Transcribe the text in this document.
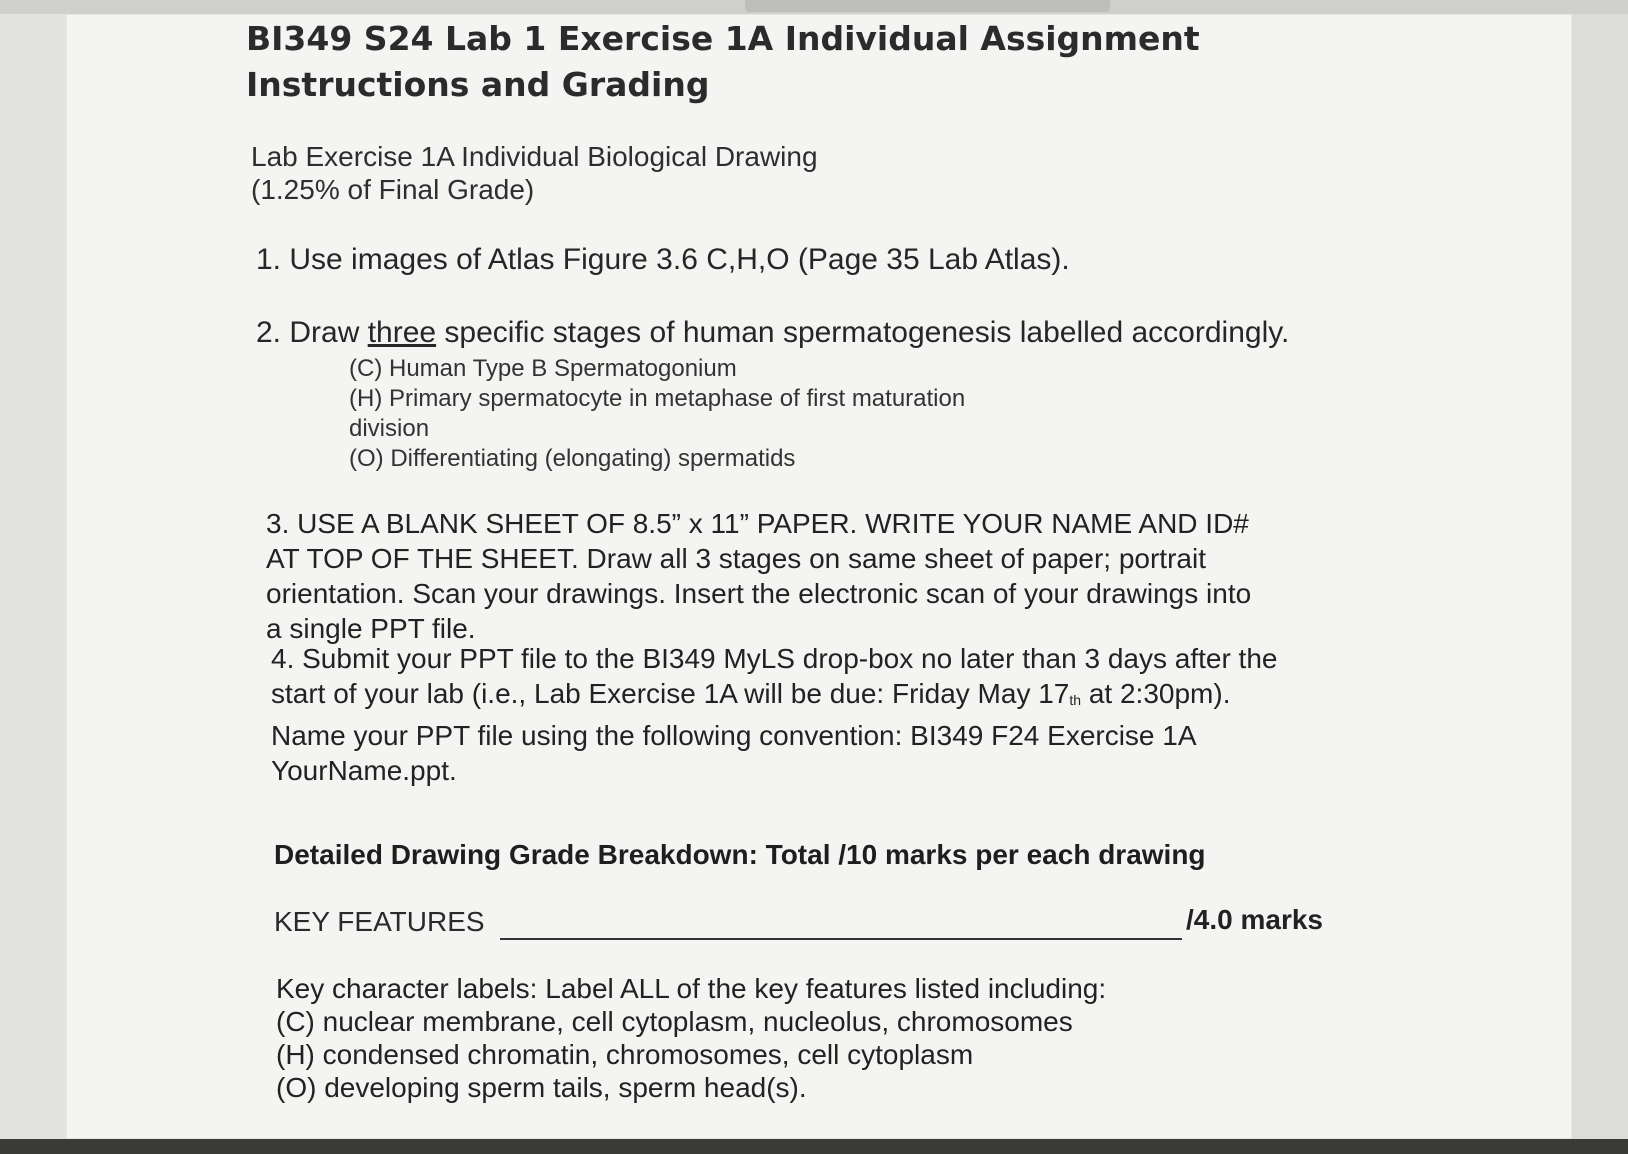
BI349 S24 Lab 1 Exercise 1A Individual Assignment Instructions and Grading
Lab Exercise 1A Individual Biological Drawing
(1.25% of Final Grade)
1. Use images of Atlas Figure 3.6 C,H,O (Page 35 Lab Atlas).
2. Draw three specific stages of human spermatogenesis labelled accordingly.
(C) Human Type B Spermatogonium
(H) Primary spermatocyte in metaphase of first maturation
division
(O) Differentiating (elongating) spermatids
3. USE A BLANK SHEET OF 8.5” x 11” PAPER. WRITE YOUR NAME AND ID#
AT TOP OF THE SHEET. Draw all 3 stages on same sheet of paper; portrait
orientation. Scan your drawings. Insert the electronic scan of your drawings into
a single PPT file.
4. Submit your PPT file to the BI349 MyLS drop-box no later than 3 days after the
start of your lab (i.e., Lab Exercise 1A will be due: Friday May $17_{th}$ at 2:30pm).
Name your PPT file using the following convention: BI349 F24 Exercise 1A
YourName.ppt.
Detailed Drawing Grade Breakdown: Total /10 marks per each drawing
KEY FEATURES	/4.0 marks
Key character labels: Label ALL of the key features listed including:
(C) nuclear membrane, cell cytoplasm, nucleolus, chromosomes
(H) condensed chromatin, chromosomes, cell cytoplasm
(O) developing sperm tails, sperm head(s).
